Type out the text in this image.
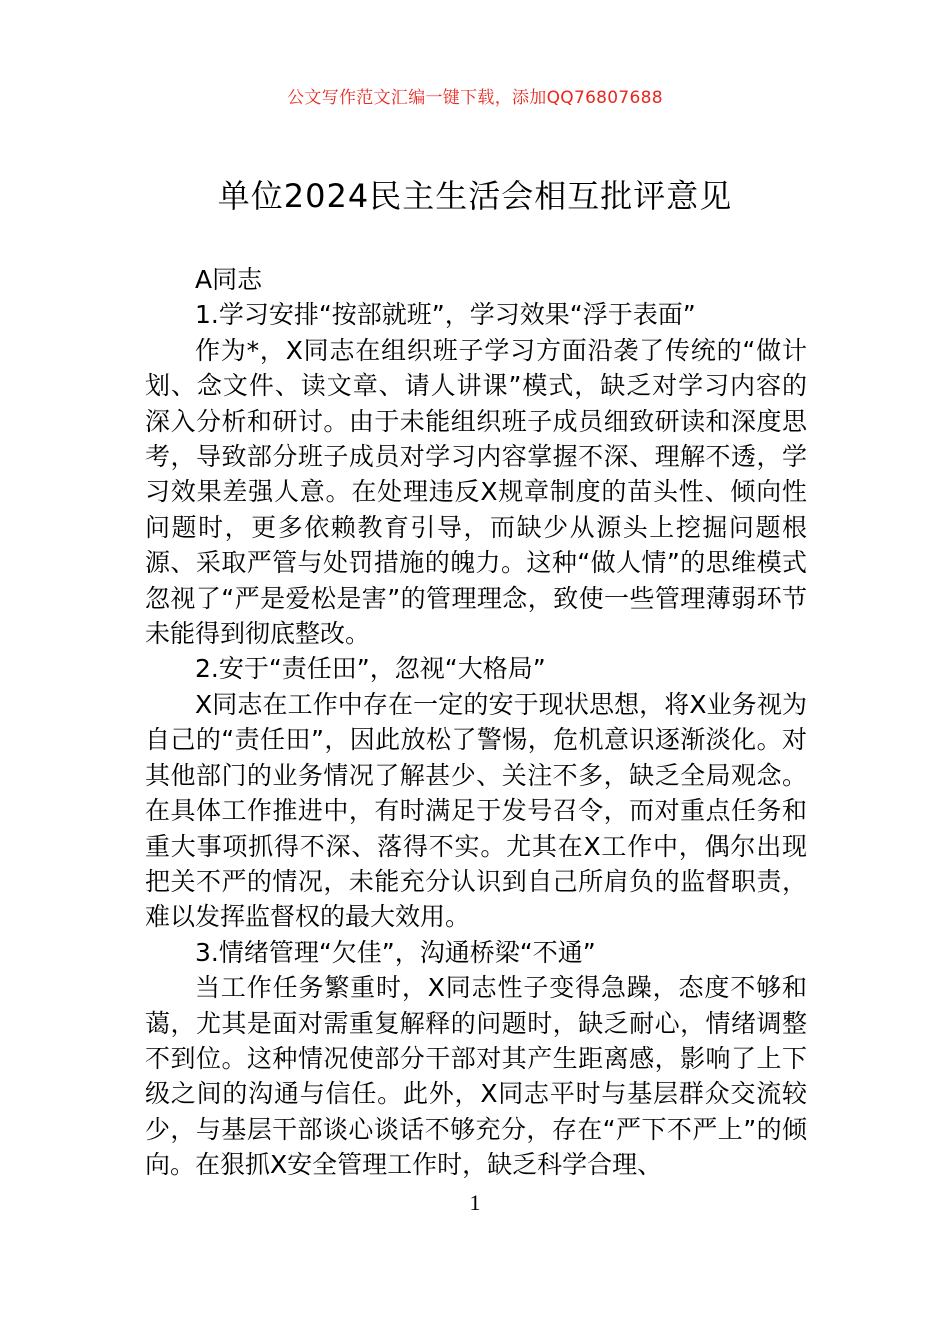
公文写作范文汇编一键下载，添加QQ76807688
单位2024民主生活会相互批评意见

A同志

1.学习安排“按部就班”，学习效果“浮于表面”

作为*，X同志在组织班子学习方面沿袭了传统的“做计划、念文件、读文章、请人讲课”模式，缺乏对学习内容的深入分析和研讨。由于未能组织班子成员细致研读和深度思考，导致部分班子成员对学习内容掌握不深、理解不透，学习效果差强人意。在处理违反X规章制度的苗头性、倾向性问题时，更多依赖教育引导，而缺少从源头上挖掘问题根源、采取严管与处罚措施的魄力。这种“做人情”的思维模式忽视了“严是爱松是害”的管理理念，致使一些管理薄弱环节未能得到彻底整改。

2.安于“责任田”，忽视“大格局”

X同志在工作中存在一定的安于现状思想，将X业务视为自己的“责任田”，因此放松了警惕，危机意识逐渐淡化。对其他部门的业务情况了解甚少、关注不多，缺乏全局观念。在具体工作推进中，有时满足于发号召令，而对重点任务和重大事项抓得不深、落得不实。尤其在X工作中，偶尔出现把关不严的情况，未能充分认识到自己所肩负的监督职责，难以发挥监督权的最大效用。

3.情绪管理“欠佳”，沟通桥梁“不通”

当工作任务繁重时，X同志性子变得急躁，态度不够和蔼，尤其是面对需重复解释的问题时，缺乏耐心，情绪调整不到位。这种情况使部分干部对其产生距离感，影响了上下级之间的沟通与信任。此外，X同志平时与基层群众交流较少，与基层干部谈心谈话不够充分，存在“严下不严上”的倾向。在狠抓X安全管理工作时，缺乏科学合理、

1
